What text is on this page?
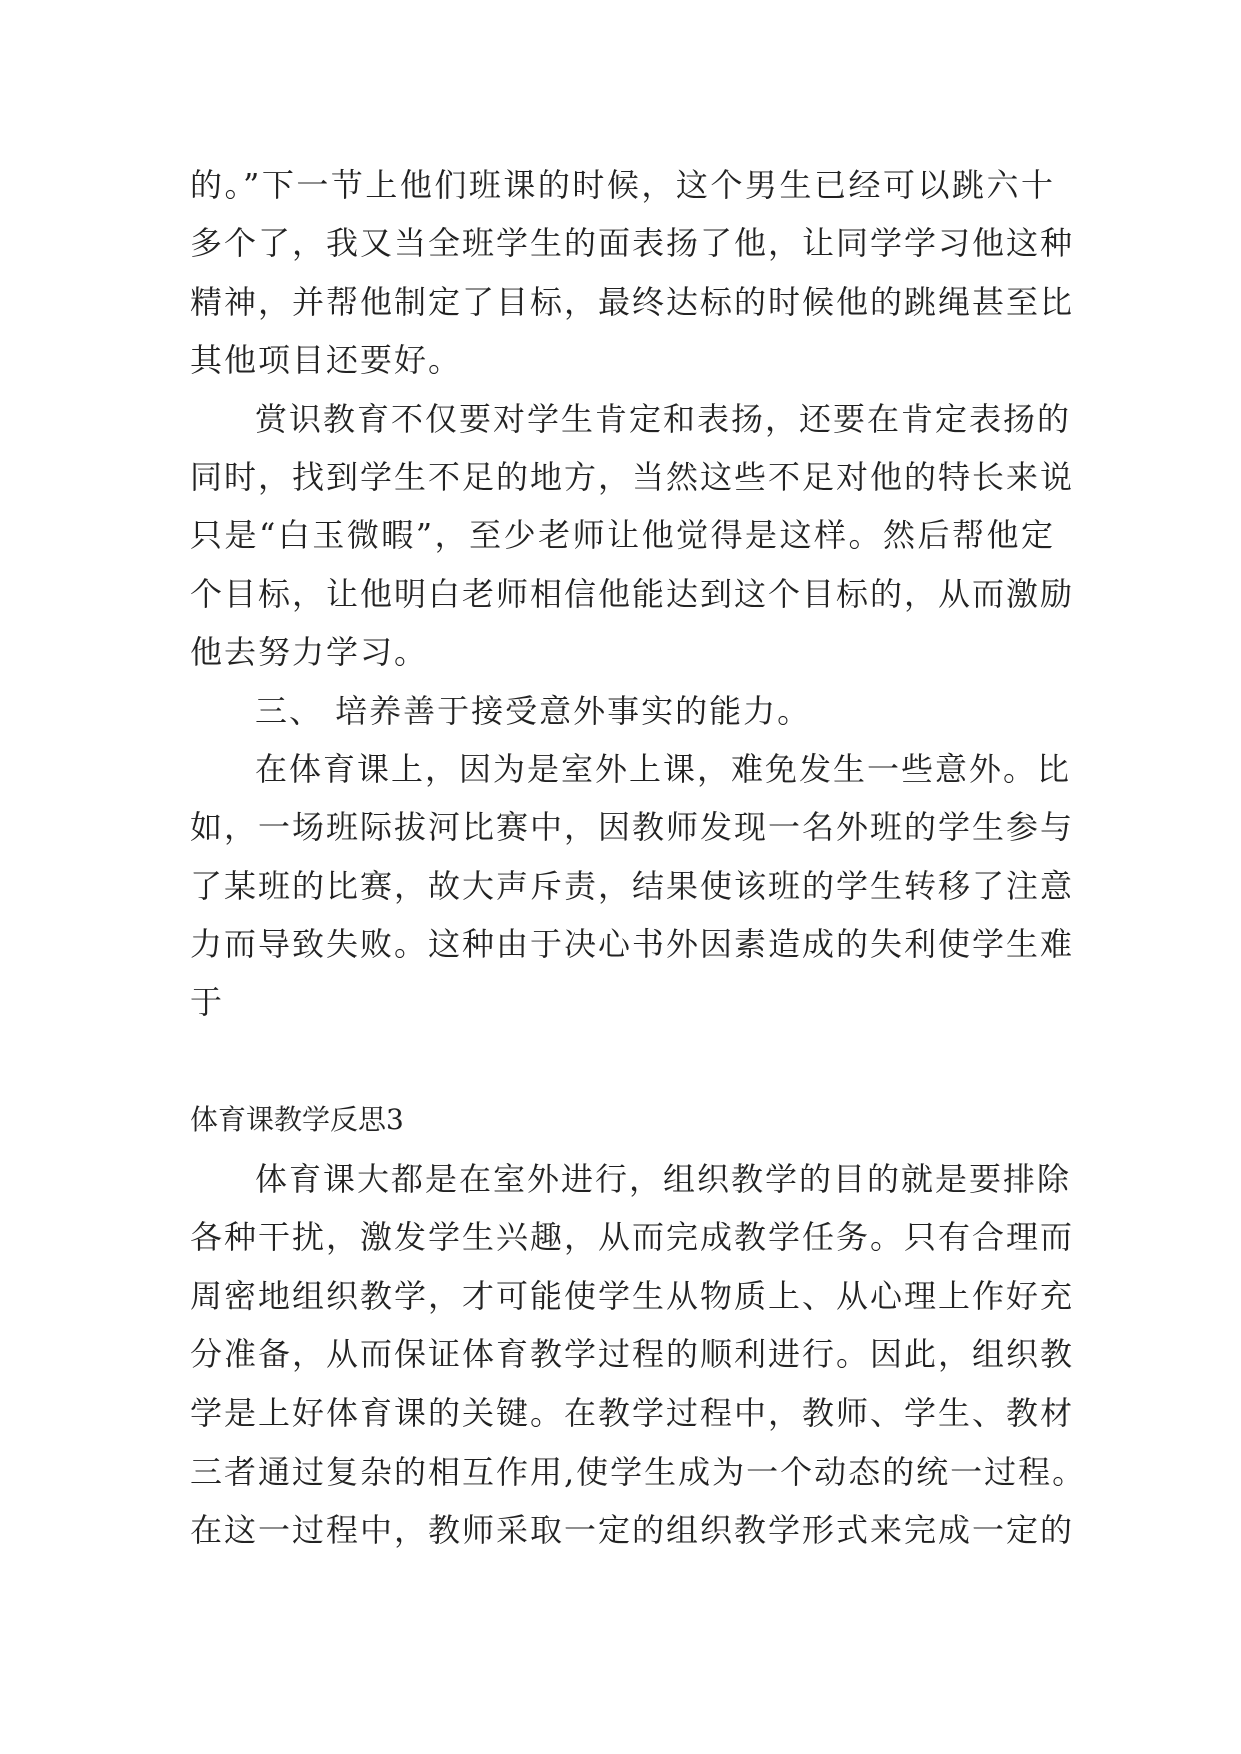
的。”下一节上他们班课的时候，这个男生已经可以跳六十
多个了，我又当全班学生的面表扬了他，让同学学习他这种
精神，并帮他制定了目标，最终达标的时候他的跳绳甚至比
其他项目还要好。
赏识教育不仅要对学生肯定和表扬，还要在肯定表扬的
同时，找到学生不足的地方，当然这些不足对他的特长来说
只是“白玉微暇”，至少老师让他觉得是这样。然后帮他定
个目标，让他明白老师相信他能达到这个目标的，从而激励
他去努力学习。
三、 培养善于接受意外事实的能力。
在体育课上，因为是室外上课，难免发生一些意外。比
如，一场班际拔河比赛中，因教师发现一名外班的学生参与
了某班的比赛，故大声斥责，结果使该班的学生转移了注意
力而导致失败。这种由于决心书外因素造成的失利使学生难
于
体育课教学反思3
体育课大都是在室外进行，组织教学的目的就是要排除
各种干扰，激发学生兴趣，从而完成教学任务。只有合理而
周密地组织教学，才可能使学生从物质上、从心理上作好充
分准备，从而保证体育教学过程的顺利进行。因此，组织教
学是上好体育课的关键。在教学过程中，教师、学生、教材
三者通过复杂的相互作用,使学生成为一个动态的统一过程。
在这一过程中，教师采取一定的组织教学形式来完成一定的
